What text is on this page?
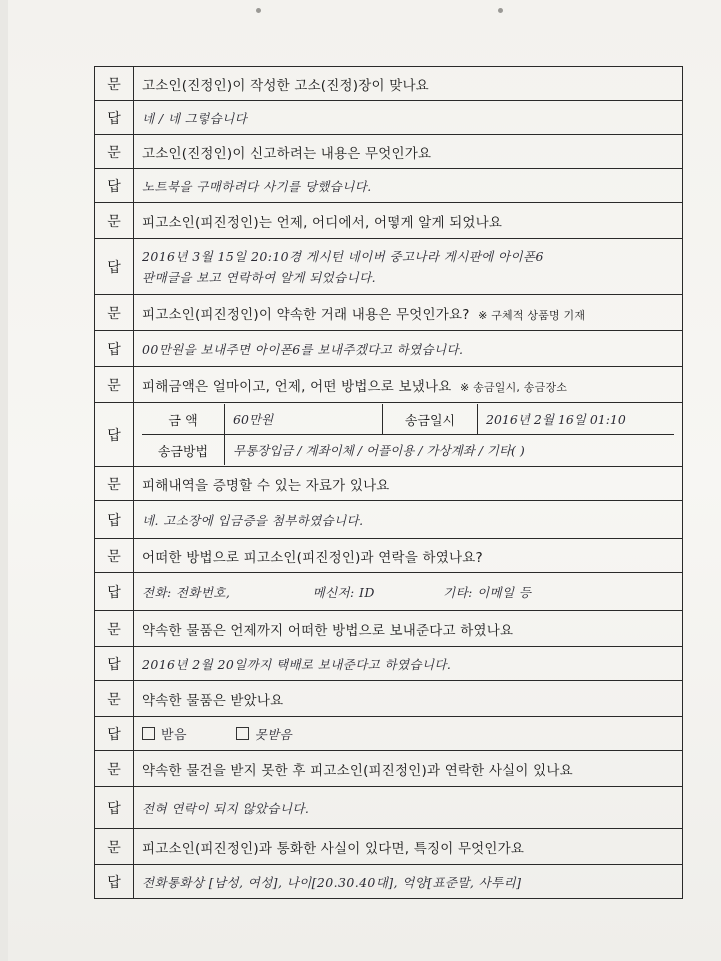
문	고소인(진정인)이 작성한 고소(진정)장이 맞나요
답	네 / 네 그렇습니다
문	고소인(진정인)이 신고하려는 내용은 무엇인가요
답	노트북을 구매하려다 사기를 당했습니다.
문	피고소인(피진정인)는 언제, 어디에서, 어떻게 알게 되었나요
답	2016년 3월 15일 20:10경 게시턴 네이버 중고나라 게시판에 아이폰6
판매글을 보고 연락하여 알게 되었습니다.

문	피고소인(피진정인)이 약속한 거래 내용은 무엇인가요? ※ 구체적 상품명 기재
답	00만원을 보내주면 아이폰6를 보내주겠다고 하였습니다.
문	피해금액은 얼마이고, 언제, 어떤 방법으로 보냈나요 ※ 송금일시, 송금장소
답	
금 액	60만원	송금일시	2016년 2월 16일 01:10
송금방법	무통장입금 / 계좌이체 / 어플이용 / 가상계좌 / 기타( )

문	피해내역을 증명할 수 있는 자료가 있나요
답	네. 고소장에 입금증을 첨부하였습니다.
문	어떠한 방법으로 피고소인(피진정인)과 연락을 하였나요?
답	전화: 전화번호,	메신저: ID	기타: 이메일 등
문	약속한 물품은 언제까지 어떠한 방법으로 보내준다고 하였나요
답	2016년 2월 20일까지 택배로 보내준다고 하였습니다.
문	약속한 물품은 받았나요
답	받음	못받음
문	약속한 물건을 받지 못한 후 피고소인(피진정인)과 연락한 사실이 있나요
답	전혀 연락이 되지 않았습니다.
문	피고소인(피진정인)과 통화한 사실이 있다면, 특징이 무엇인가요
답	전화통화상 [남성, 여성], 나이[20.30.40대], 억양[표준말, 사투리]
